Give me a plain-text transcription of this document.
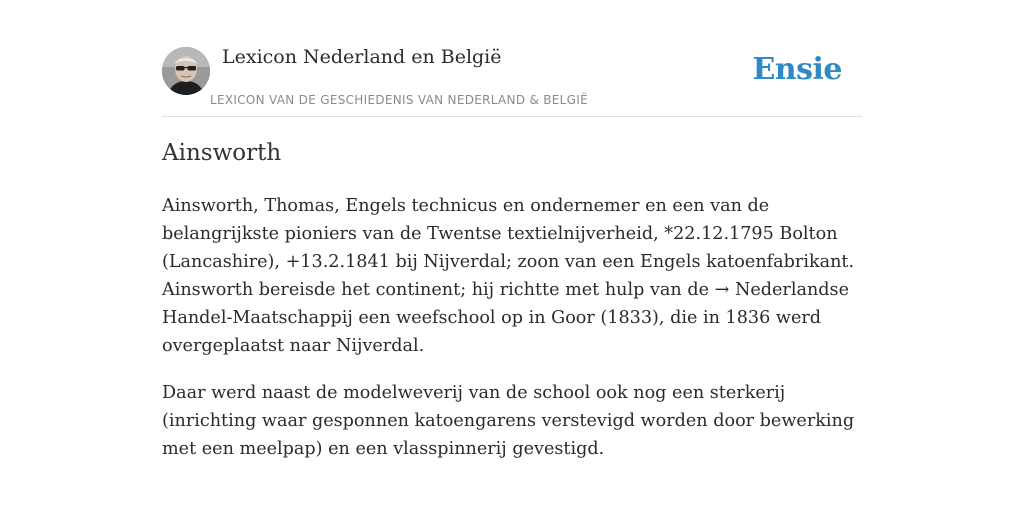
Lexicon Nederland en België
LEXICON VAN DE GESCHIEDENIS VAN NEDERLAND & BELGIË
Ensie
Ainsworth

Ainsworth, Thomas, Engels technicus en ondernemer en een van de belangrijkste pioniers van de Twentse textielnijverheid, *22.12.1795 Bolton (Lancashire), +13.2.1841 bij Nijverdal; zoon van een Engels katoenfabrikant. Ainsworth bereisde het continent; hij richtte met hulp van de → Nederlandse Handel-Maatschappij een weefschool op in Goor (1833), die in 1836 werd overgeplaatst naar Nijverdal.

Daar werd naast de modelweverij van de school ook nog een sterkerij (inrichting waar gesponnen katoengarens verstevigd worden door bewerking met een meelpap) en een vlasspinnerij gevestigd.
